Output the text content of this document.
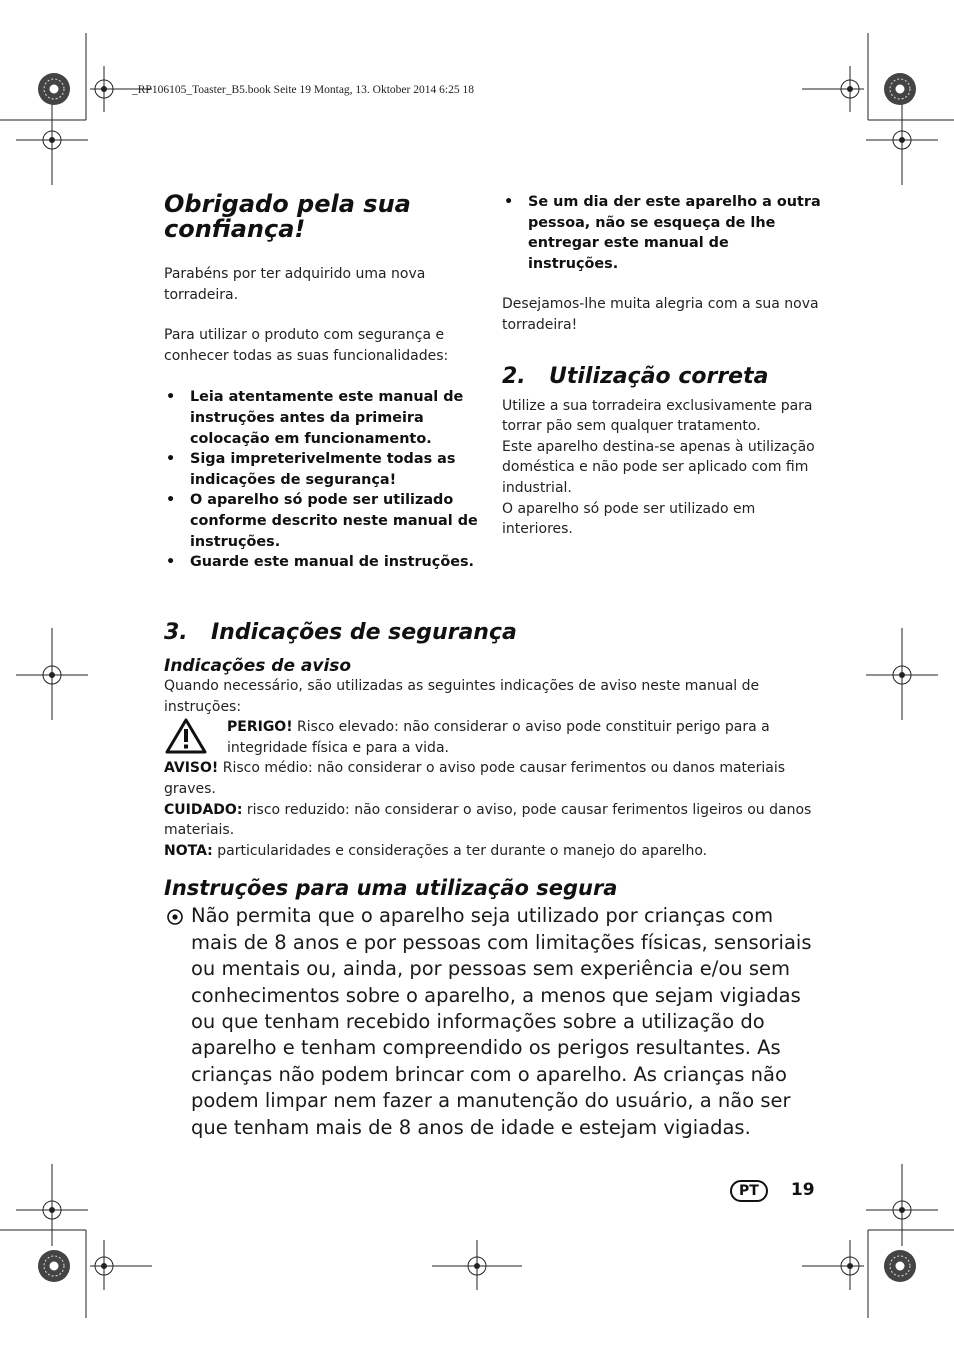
_RP106105_Toaster_B5.book Seite 19 Montag, 13. Oktober 2014 6:25 18
Obrigado pela sua confiança!

Parabéns por ter adquirido uma nova torradeira.

Para utilizar o produto com segurança e conhecer todas as suas funcionalidades:

• Leia atentamente este manual de instruções antes da primeira colocação em funcionamento.
• Siga impreterivelmente todas as indicações de segurança!
• O aparelho só pode ser utilizado conforme descrito neste manual de instruções.
• Guarde este manual de instruções.
• Se um dia der este aparelho a outra pessoa, não se esqueça de lhe entregar este manual de instruções.

Desejamos-lhe muita alegria com a sua nova torradeira!

2. Utilização correta

Utilize a sua torradeira exclusivamente para torrar pão sem qualquer tratamento.

Este aparelho destina-se apenas à utilização doméstica e não pode ser aplicado com fim industrial.

O aparelho só pode ser utilizado em interiores.

3. Indicações de segurança
Indicações de aviso

Quando necessário, são utilizadas as seguintes indicações de aviso neste manual de instruções:

PERIGO! Risco elevado: não considerar o aviso pode constituir perigo para a integridade física e para a vida.

AVISO! Risco médio: não considerar o aviso pode causar ferimentos ou danos materiais graves.

CUIDADO: risco reduzido: não considerar o aviso, pode causar ferimentos ligeiros ou danos materiais.

NOTA: particularidades e considerações a ter durante o manejo do aparelho.

Instruções para uma utilização segura

Não permita que o aparelho seja utilizado por crianças com mais de 8 anos e por pessoas com limitações físicas, sensoriais ou mentais ou, ainda, por pessoas sem experiência e/ou sem conhecimentos sobre o aparelho, a menos que sejam vigiadas ou que tenham recebido informações sobre a utilização do aparelho e tenham compreendido os perigos resultantes. As crianças não podem brincar com o aparelho. As crianças não podem limpar nem fazer a manutenção do usuário, a não ser que tenham mais de 8 anos de idade e estejam vigiadas.

PT 19
